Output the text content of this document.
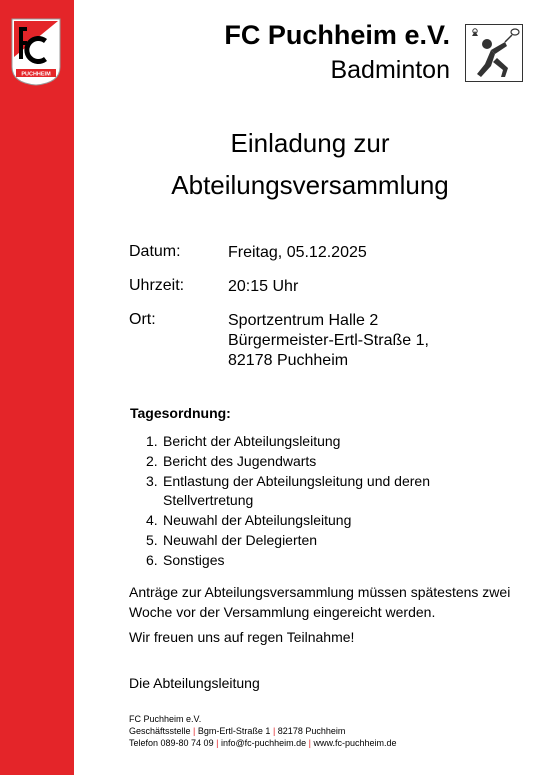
PUCHHEIM
FC Puchheim e.V.
Badminton
Einladung zur
Abteilungsversammlung
Datum:	Freitag, 05.12.2025
Uhrzeit:	20:15 Uhr
Ort:	Sportzentrum Halle 2
Bürgermeister-Ertl-Straße 1,
82178 Puchheim
Tagesordnung:
1. Bericht der Abteilungsleitung
2. Bericht des Jugendwarts
3. Entlastung der Abteilungsleitung und deren Stellvertretung
4. Neuwahl der Abteilungsleitung
5. Neuwahl der Delegierten
6. Sonstiges
Anträge zur Abteilungsversammlung müssen spätestens zwei Woche vor der Versammlung eingereicht werden.
Wir freuen uns auf regen Teilnahme!
Die Abteilungsleitung
FC Puchheim e.V.
Geschäftsstelle | Bgm-Ertl-Straße 1 | 82178 Puchheim
Telefon 089-80 74 09 | info@fc-puchheim.de | www.fc-puchheim.de
